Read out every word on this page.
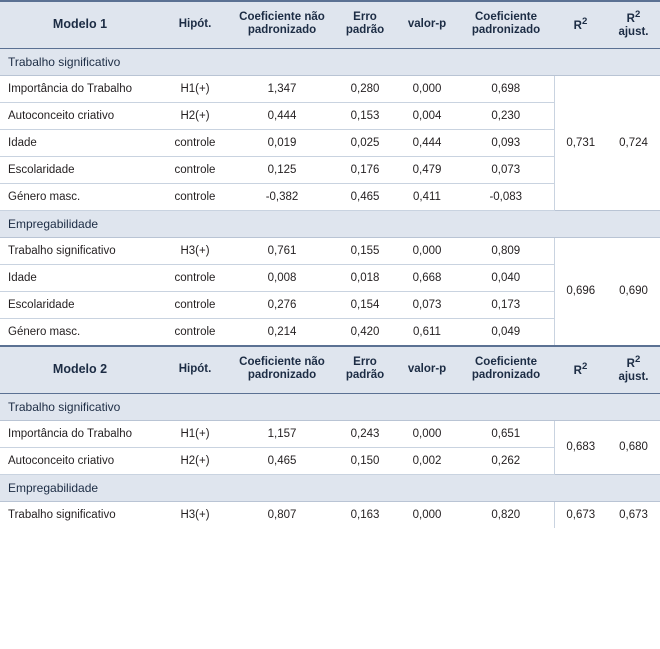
Modelo 1	Hipót.	Coeficiente não padronizado	Erro padrão	valor-p	Coeficiente padronizado	$R^2$	$R^2$ ajust.
Trabalho significativo							
Importância do Trabalho	H1(+)	1,347	0,280	0,000	0,698	0,731	0,724
Autoconceito criativo	H2(+)	0,444	0,153	0,004	0,230		
Idade	controle	0,019	0,025	0,444	0,093		
Escolaridade	controle	0,125	0,176	0,479	0,073		
Género masc.	controle	-0,382	0,465	0,411	-0,083		
Empregabilidade							
Trabalho significativo	H3(+)	0,761	0,155	0,000	0,809	0,696	0,690
Idade	controle	0,008	0,018	0,668	0,040		
Escolaridade	controle	0,276	0,154	0,073	0,173		
Género masc.	controle	0,214	0,420	0,611	0,049		
Modelo 2	Hipót.	Coeficiente não padronizado	Erro padrão	valor-p	Coeficiente padronizado	$R^2$	$R^2$ ajust.
Trabalho significativo							
Importância do Trabalho	H1(+)	1,157	0,243	0,000	0,651	0,683	0,680
Autoconceito criativo	H2(+)	0,465	0,150	0,002	0,262		
Empregabilidade							
Trabalho significativo	H3(+)	0,807	0,163	0,000	0,820	0,673	0,673
